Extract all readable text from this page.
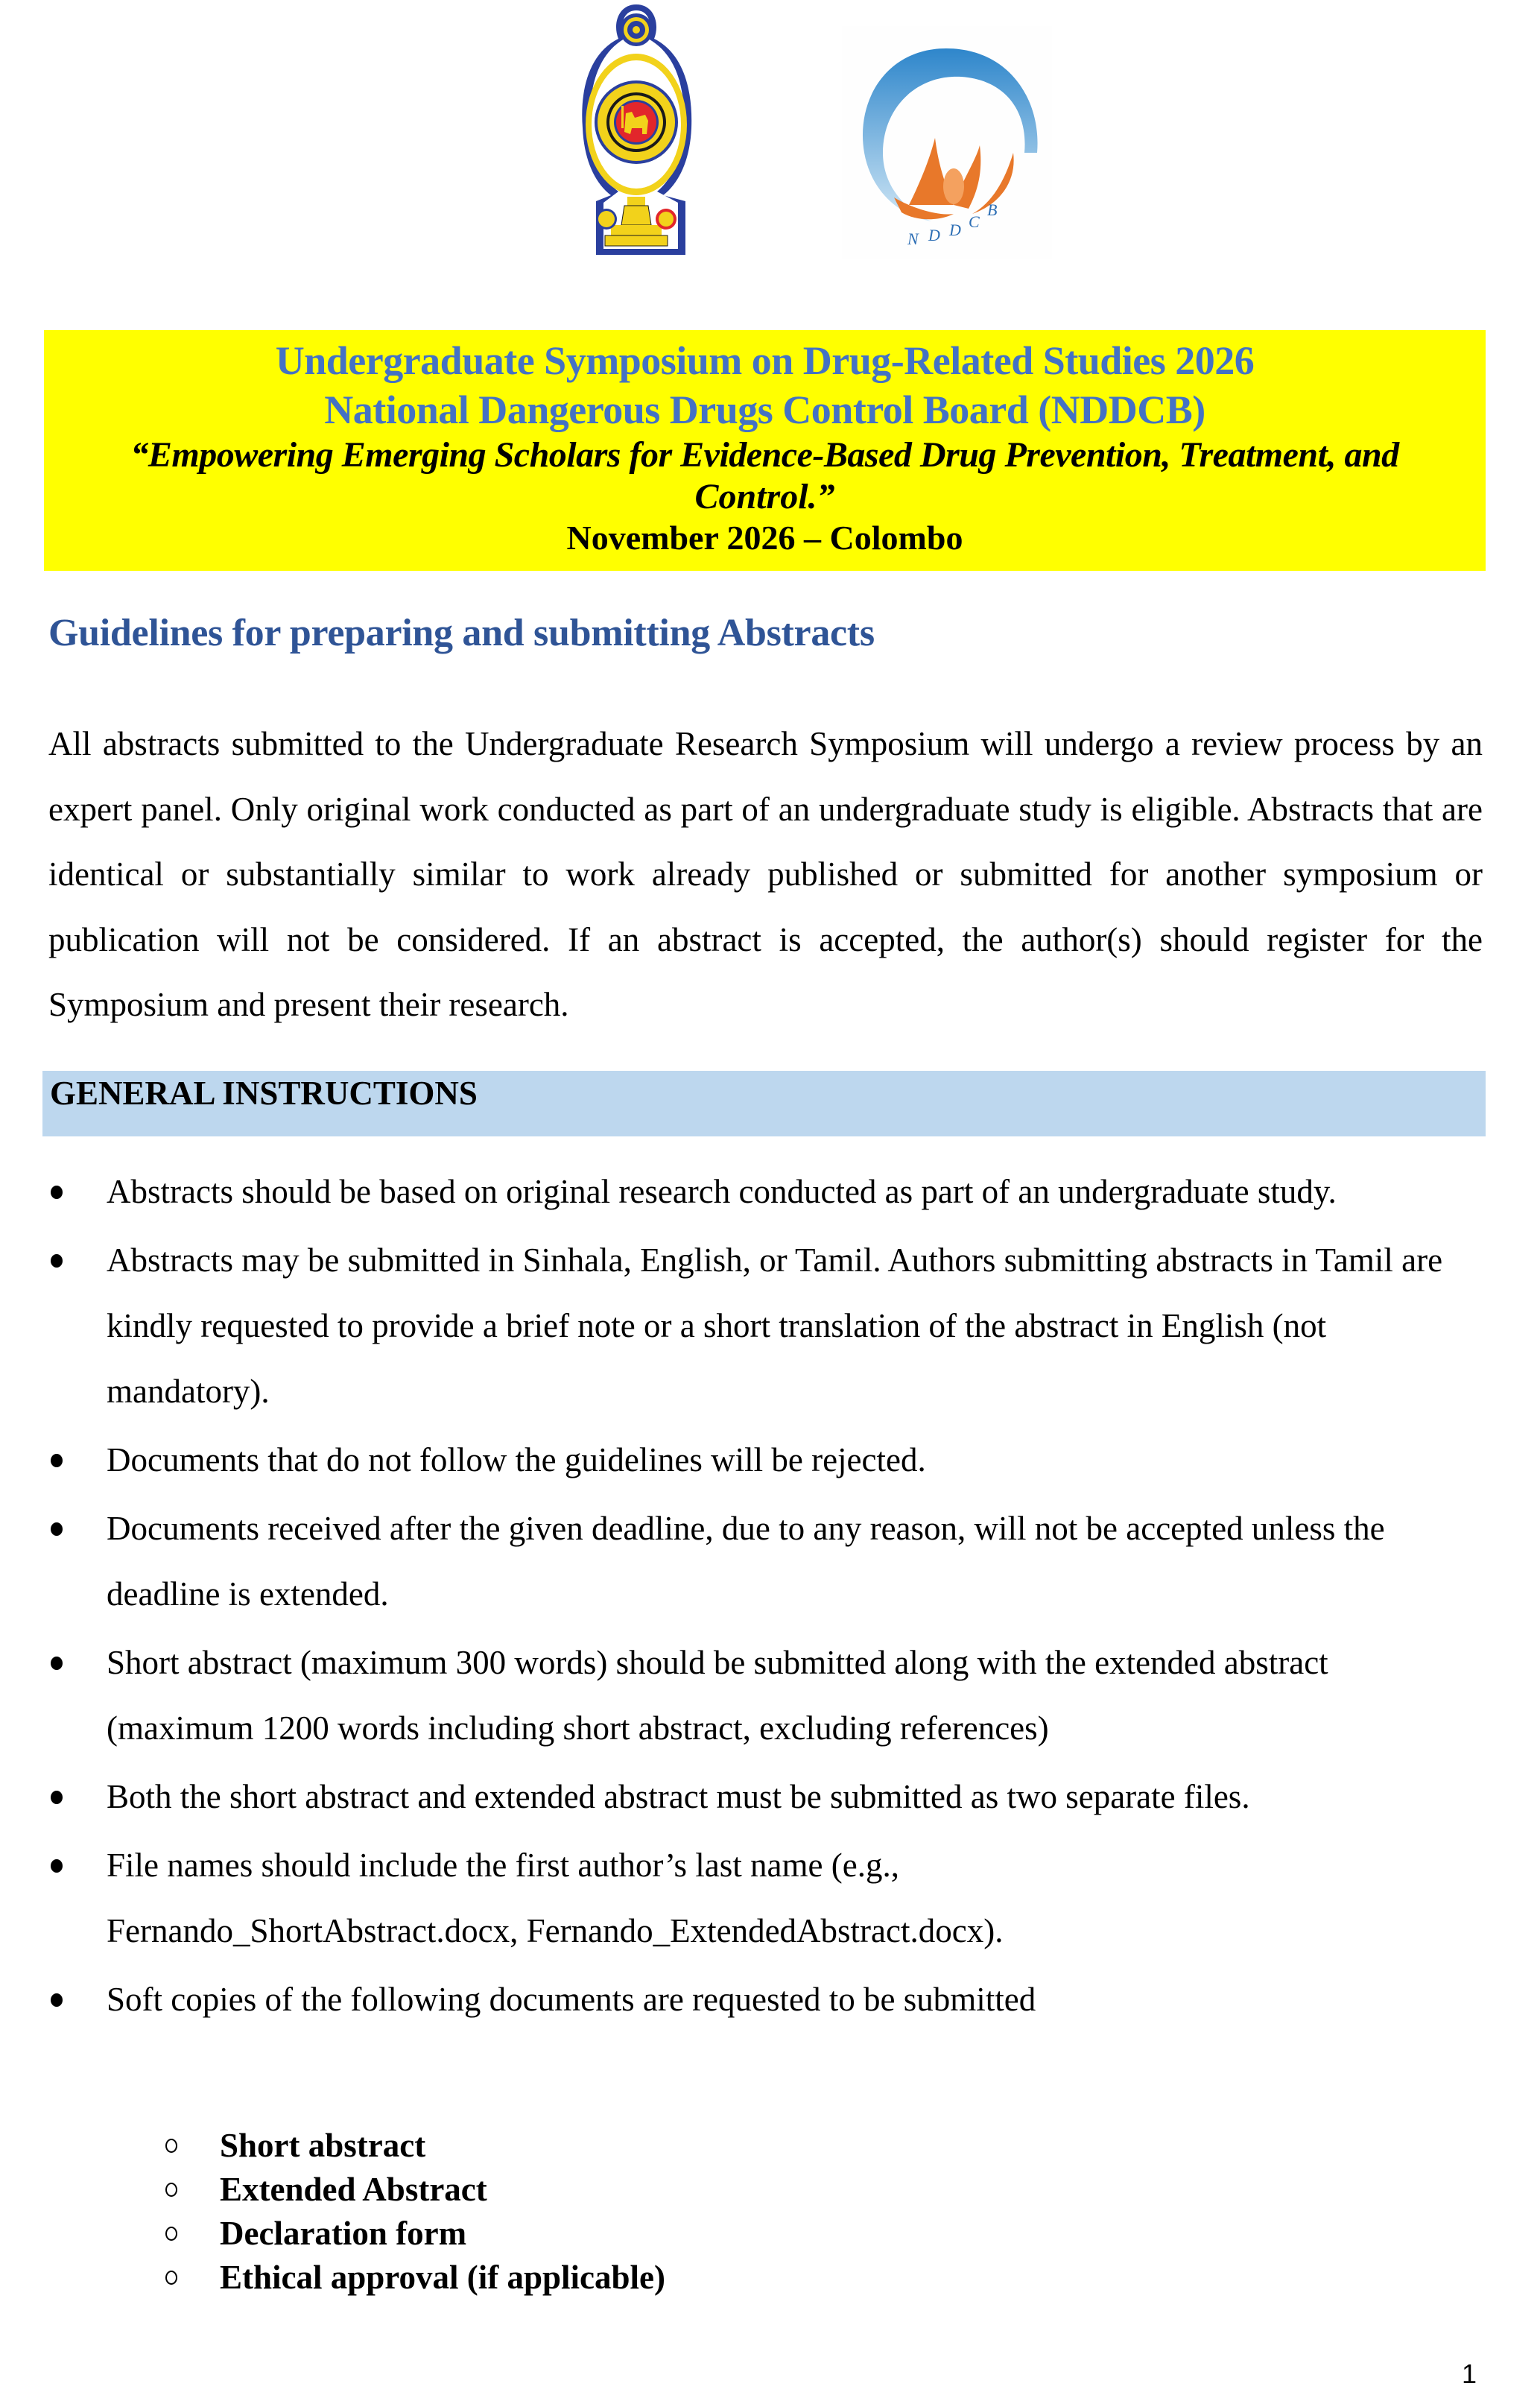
N D D C
B
Undergraduate Symposium on Drug-Related Studies 2026
National Dangerous Drugs Control Board (NDDCB)
“Empowering Emerging Scholars for Evidence-Based Drug Prevention, Treatment, and
Control.”
November 2026 – Colombo
Guidelines for preparing and submitting Abstracts
All abstracts submitted to the Undergraduate Research Symposium will undergo a review process by an expert panel. Only original work conducted as part of an undergraduate study is eligible. Abstracts that are identical or substantially similar to work already published or submitted for another symposium or publication will not be considered. If an abstract is accepted, the author(s) should register for the Symposium and present their research.
GENERAL INSTRUCTIONS
Abstracts should be based on original research conducted as part of an undergraduate study.
Abstracts may be submitted in Sinhala, English, or Tamil. Authors submitting abstracts in Tamil are kindly requested to provide a brief note or a short translation of the abstract in English (not mandatory).
Documents that do not follow the guidelines will be rejected.
Documents received after the given deadline, due to any reason, will not be accepted unless the deadline is extended.
Short abstract (maximum 300 words) should be submitted along with the extended abstract (maximum 1200 words including short abstract, excluding references)
Both the short abstract and extended abstract must be submitted as two separate files.
File names should include the first author’s last name (e.g., Fernando_ShortAbstract.docx, Fernando_ExtendedAbstract.docx).
Soft copies of the following documents are requested to be submitted
Short abstract
Extended Abstract
Declaration form
Ethical approval (if applicable)
1
